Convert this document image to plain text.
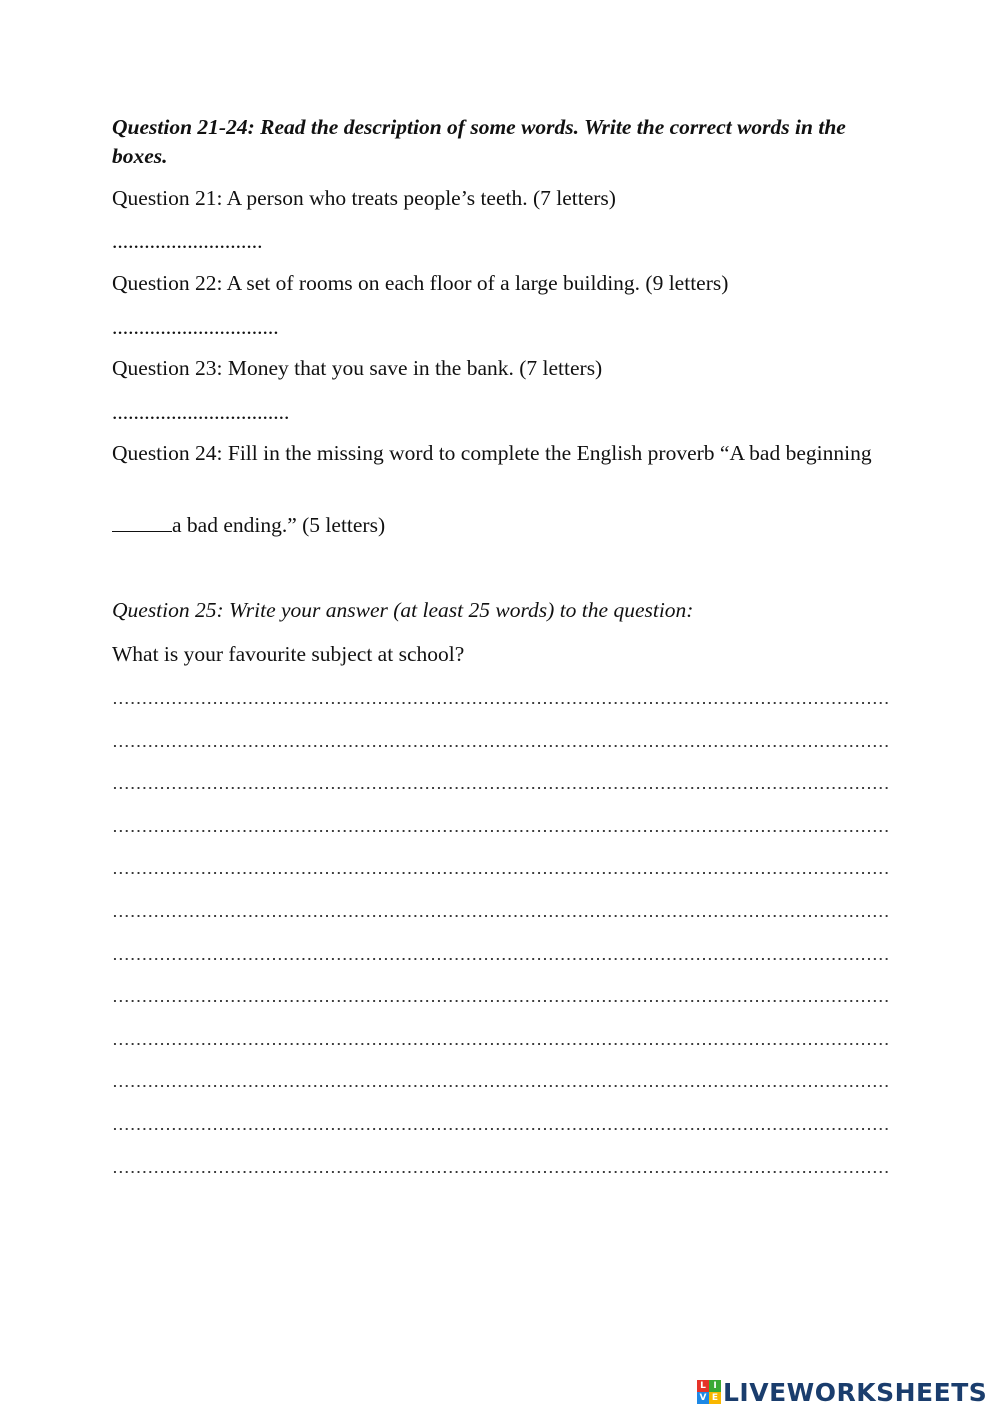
Question 21-24: Read the description of some words. Write the correct words in the boxes.

Question 21: A person who treats people’s teeth. (7 letters)

............................

Question 22: A set of rooms on each floor of a large building. (9 letters)

...............................

Question 23: Money that you save in the bank. (7 letters)

.................................

Question 24: Fill in the missing word to complete the English proverb “A bad beginning

a bad ending.” (5 letters)

Question 25: Write your answer (at least 25 words) to the question:

What is your favourite subject at school?

L I
V E LIVEWORKSHEETS
